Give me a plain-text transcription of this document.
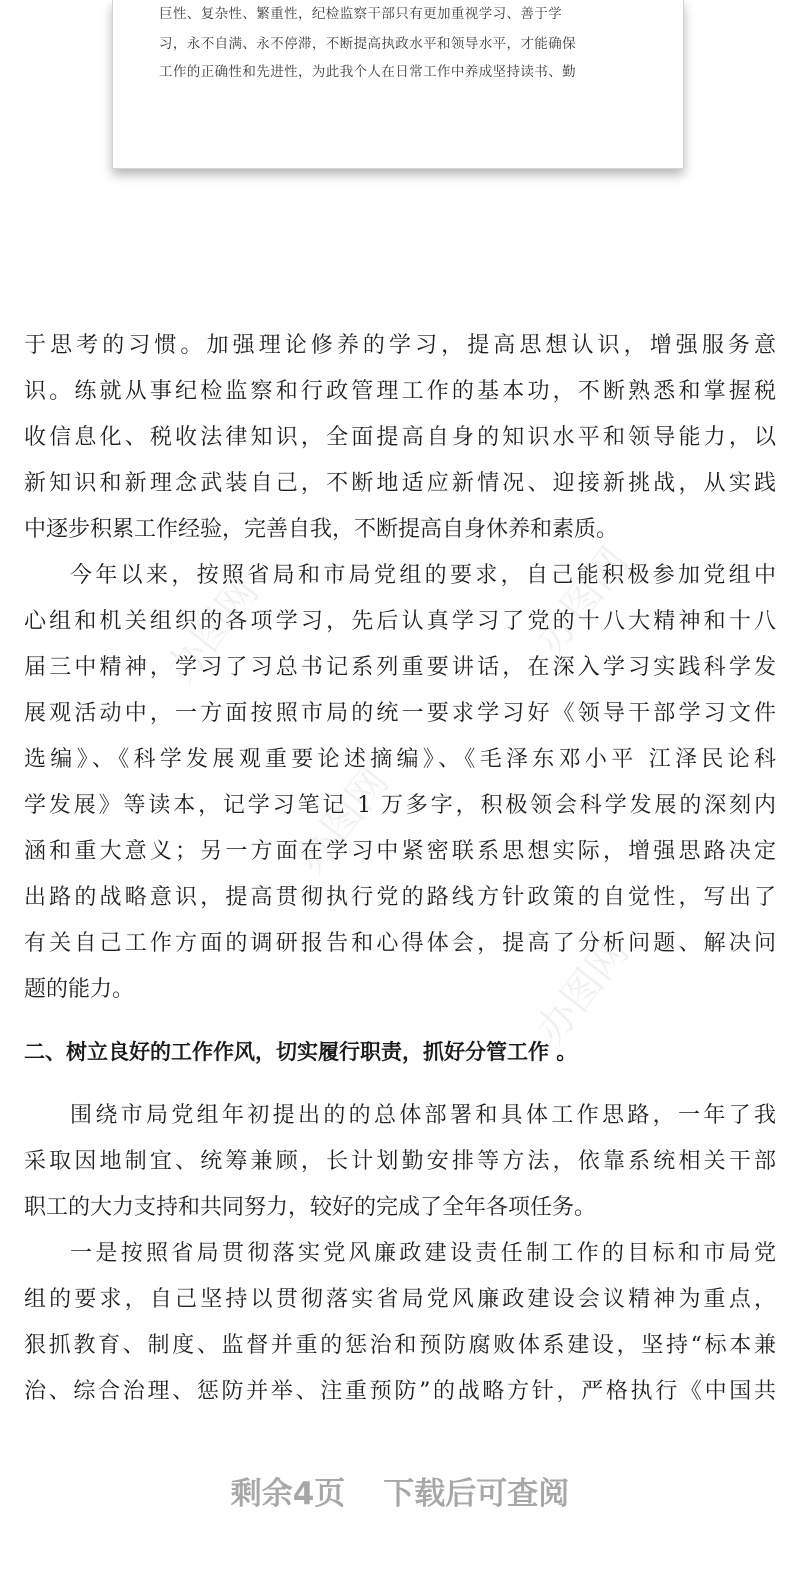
巨性、复杂性、繁重性，纪检监察干部只有更加重视学习、善于学
习，永不自满、永不停滞，不断提高执政水平和领导水平，才能确保
工作的正确性和先进性，为此我个人在日常工作中养成坚持读书、勤
办图网	办图网
办图网
办图网
于思考的习惯。加强理论修养的学习，提高思想认识，增强服务意
识。练就从事纪检监察和行政管理工作的基本功，不断熟悉和掌握税
收信息化、税收法律知识，全面提高自身的知识水平和领导能力，以
新知识和新理念武装自己，不断地适应新情况、迎接新挑战，从实践
中逐步积累工作经验，完善自我，不断提高自身休养和素质。
今年以来，按照省局和市局党组的要求，自己能积极参加党组中
心组和机关组织的各项学习，先后认真学习了党的十八大精神和十八
届三中精神，学习了习总书记系列重要讲话，在深入学习实践科学发
展观活动中，一方面按照市局的统一要求学习好《领导干部学习文件
选编》、《科学发展观重要论述摘编》、《毛泽东邓小平 江泽民论科
学发展》等读本，记学习笔记 1 万多字，积极领会科学发展的深刻内
涵和重大意义；另一方面在学习中紧密联系思想实际，增强思路决定
出路的战略意识，提高贯彻执行党的路线方针政策的自觉性，写出了
有关自己工作方面的调研报告和心得体会，提高了分析问题、解决问
题的能力。
二、树立良好的工作作风，切实履行职责，抓好分管工作 。
围绕市局党组年初提出的的总体部署和具体工作思路，一年了我
采取因地制宜、统筹兼顾，长计划勤安排等方法，依靠系统相关干部
职工的大力支持和共同努力，较好的完成了全年各项任务。
一是按照省局贯彻落实党风廉政建设责任制工作的目标和市局党
组的要求，自己坚持以贯彻落实省局党风廉政建设会议精神为重点，
狠抓教育、制度、监督并重的惩治和预防腐败体系建设，坚持“标本兼
治、综合治理、惩防并举、注重预防”的战略方针，严格执行《中国共
剩余4页 下载后可查阅
